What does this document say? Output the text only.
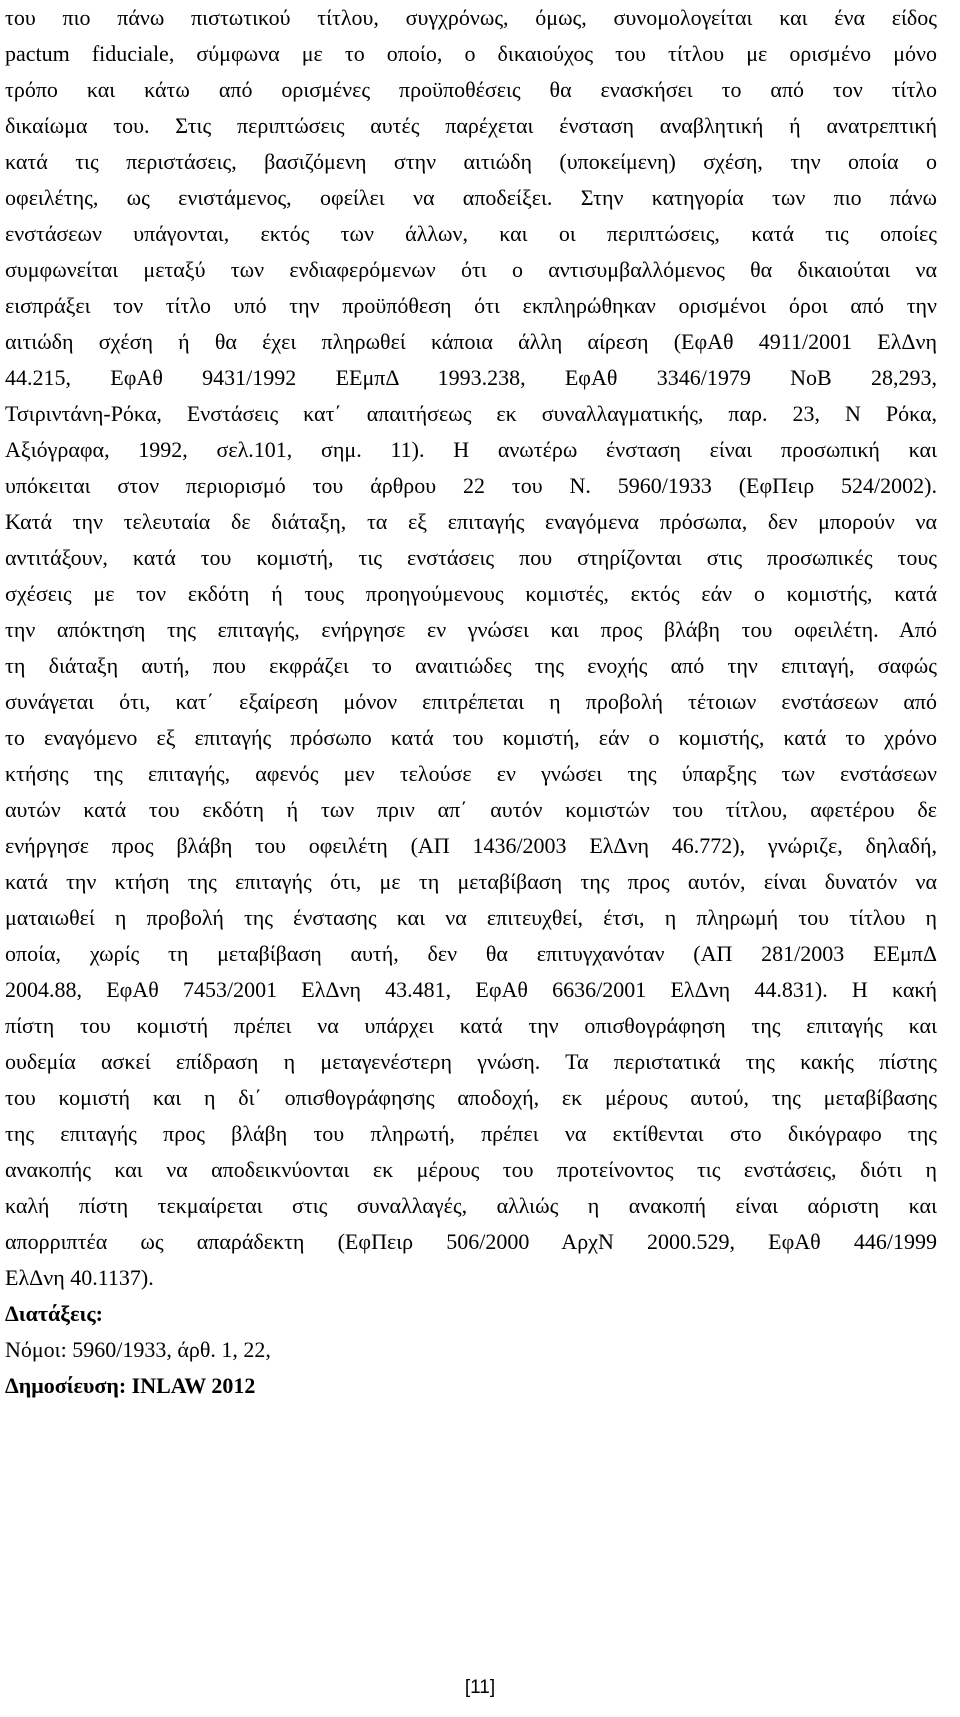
του πιο πάνω πιστωτικού τίτλου, συγχρόνως, όμως, συνομολογείται και ένα είδος
pactum fiduciale, σύμφωνα με το οποίο, ο δικαιούχος του τίτλου με ορισμένο μόνο
τρόπο και κάτω από ορισμένες προϋποθέσεις θα ενασκήσει το από τον τίτλο
δικαίωμα του. Στις περιπτώσεις αυτές παρέχεται ένσταση αναβλητική ή ανατρεπτική
κατά τις περιστάσεις, βασιζόμενη στην αιτιώδη (υποκείμενη) σχέση, την οποία ο
οφειλέτης, ως ενιστάμενος, οφείλει να αποδείξει. Στην κατηγορία των πιο πάνω
ενστάσεων υπάγονται, εκτός των άλλων, και οι περιπτώσεις, κατά τις οποίες
συμφωνείται μεταξύ των ενδιαφερόμενων ότι ο αντισυμβαλλόμενος θα δικαιούται να
εισπράξει τον τίτλο υπό την προϋπόθεση ότι εκπληρώθηκαν ορισμένοι όροι από την
αιτιώδη σχέση ή θα έχει πληρωθεί κάποια άλλη αίρεση (ΕφΑθ 4911/2001 ΕλΔνη
44.215, ΕφΑθ 9431/1992 ΕΕμπΔ 1993.238, ΕφΑθ 3346/1979 ΝοΒ 28,293,
Τσιριντάνη-Ρόκα, Ενστάσεις κατ΄ απαιτήσεως εκ συναλλαγματικής, παρ. 23, Ν Ρόκα,
Αξιόγραφα, 1992, σελ.101, σημ. 11). Η ανωτέρω ένσταση είναι προσωπική και
υπόκειται στον περιορισμό του άρθρου 22 του Ν. 5960/1933 (ΕφΠειρ 524/2002).
Κατά την τελευταία δε διάταξη, τα εξ επιταγής εναγόμενα πρόσωπα, δεν μπορούν να
αντιτάξουν, κατά του κομιστή, τις ενστάσεις που στηρίζονται στις προσωπικές τους
σχέσεις με τον εκδότη ή τους προηγούμενους κομιστές, εκτός εάν ο κομιστής, κατά
την απόκτηση της επιταγής, ενήργησε εν γνώσει και προς βλάβη του οφειλέτη. Από
τη διάταξη αυτή, που εκφράζει το αναιτιώδες της ενοχής από την επιταγή, σαφώς
συνάγεται ότι, κατ΄ εξαίρεση μόνον επιτρέπεται η προβολή τέτοιων ενστάσεων από
το εναγόμενο εξ επιταγής πρόσωπο κατά του κομιστή, εάν ο κομιστής, κατά το χρόνο
κτήσης της επιταγής, αφενός μεν τελούσε εν γνώσει της ύπαρξης των ενστάσεων
αυτών κατά του εκδότη ή των πριν απ΄ αυτόν κομιστών του τίτλου, αφετέρου δε
ενήργησε προς βλάβη του οφειλέτη (ΑΠ 1436/2003 ΕλΔνη 46.772), γνώριζε, δηλαδή,
κατά την κτήση της επιταγής ότι, με τη μεταβίβαση της προς αυτόν, είναι δυνατόν να
ματαιωθεί η προβολή της ένστασης και να επιτευχθεί, έτσι, η πληρωμή του τίτλου η
οποία, χωρίς τη μεταβίβαση αυτή, δεν θα επιτυγχανόταν (ΑΠ 281/2003 ΕΕμπΔ
2004.88, ΕφΑθ 7453/2001 ΕλΔνη 43.481, ΕφΑθ 6636/2001 ΕλΔνη 44.831). Η κακή
πίστη του κομιστή πρέπει να υπάρχει κατά την οπισθογράφηση της επιταγής και
ουδεμία ασκεί επίδραση η μεταγενέστερη γνώση. Τα περιστατικά της κακής πίστης
του κομιστή και η δι΄ οπισθογράφησης αποδοχή, εκ μέρους αυτού, της μεταβίβασης
της επιταγής προς βλάβη του πληρωτή, πρέπει να εκτίθενται στο δικόγραφο της
ανακοπής και να αποδεικνύονται εκ μέρους του προτείνοντος τις ενστάσεις, διότι η
καλή πίστη τεκμαίρεται στις συναλλαγές, αλλιώς η ανακοπή είναι αόριστη και
απορριπτέα ως απαράδεκτη (ΕφΠειρ 506/2000 ΑρχΝ 2000.529, ΕφΑθ 446/1999
ΕλΔνη 40.1137).
Διατάξεις:
Νόμοι: 5960/1933, άρθ. 1, 22,
Δημοσίευση: INLAW 2012
[11]
